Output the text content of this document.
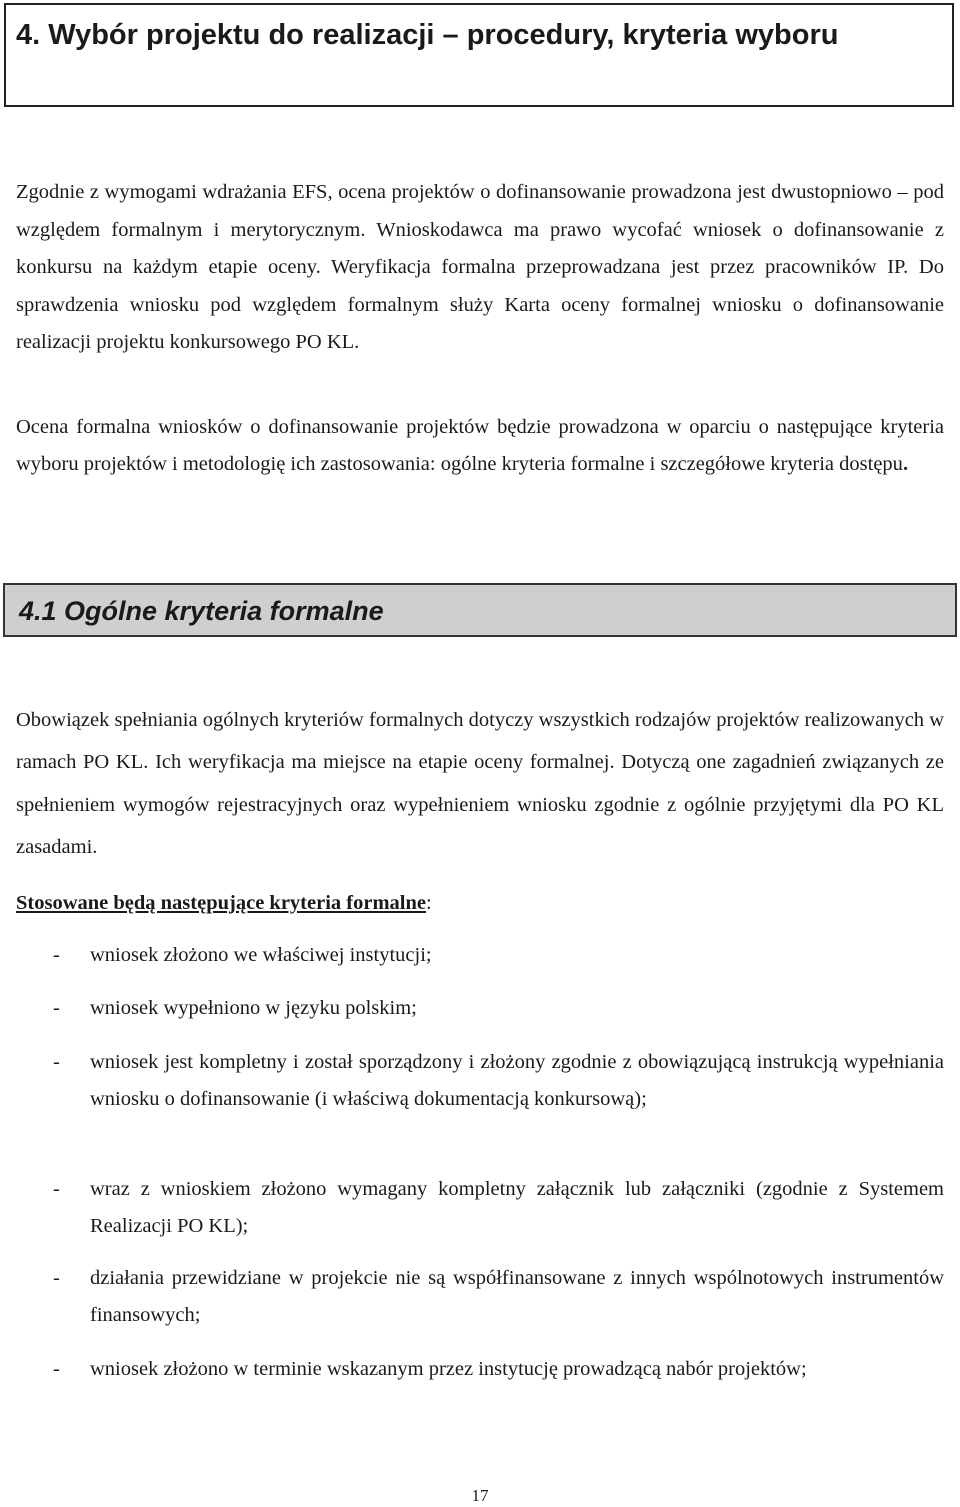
4. Wybór projektu do realizacji – procedury, kryteria wyboru

Zgodnie z wymogami wdrażania EFS, ocena projektów o dofinansowanie prowadzona jest dwustopniowo – pod względem formalnym i merytorycznym. Wnioskodawca ma prawo wycofać wniosek o dofinansowanie z konkursu na każdym etapie oceny. Weryfikacja formalna przeprowadzana jest przez pracowników IP. Do sprawdzenia wniosku pod względem formalnym służy Karta oceny formalnej wniosku o dofinansowanie realizacji projektu konkursowego PO KL.

Ocena formalna wniosków o dofinansowanie projektów będzie prowadzona w oparciu o następujące kryteria wyboru projektów i metodologię ich zastosowania: ogólne kryteria formalne i szczegółowe kryteria dostępu.

4.1 Ogólne kryteria formalne

Obowiązek spełniania ogólnych kryteriów formalnych dotyczy wszystkich rodzajów projektów realizowanych w ramach PO KL. Ich weryfikacja ma miejsce na etapie oceny formalnej. Dotyczą one zagadnień związanych ze spełnieniem wymogów rejestracyjnych oraz wypełnieniem wniosku zgodnie z ogólnie przyjętymi dla PO KL zasadami.

Stosowane będą następujące kryteria formalne:
- wniosek złożono we właściwej instytucji;
- wniosek wypełniono w języku polskim;
- wniosek jest kompletny i został sporządzony i złożony zgodnie z obowiązującą instrukcją wypełniania wniosku o dofinansowanie (i właściwą dokumentacją konkursową);
- wraz z wnioskiem złożono wymagany kompletny załącznik lub załączniki (zgodnie z Systemem Realizacji PO KL);
- działania przewidziane w projekcie nie są współfinansowane z innych wspólnotowych instrumentów finansowych;
- wniosek złożono w terminie wskazanym przez instytucję prowadzącą nabór projektów;
17
